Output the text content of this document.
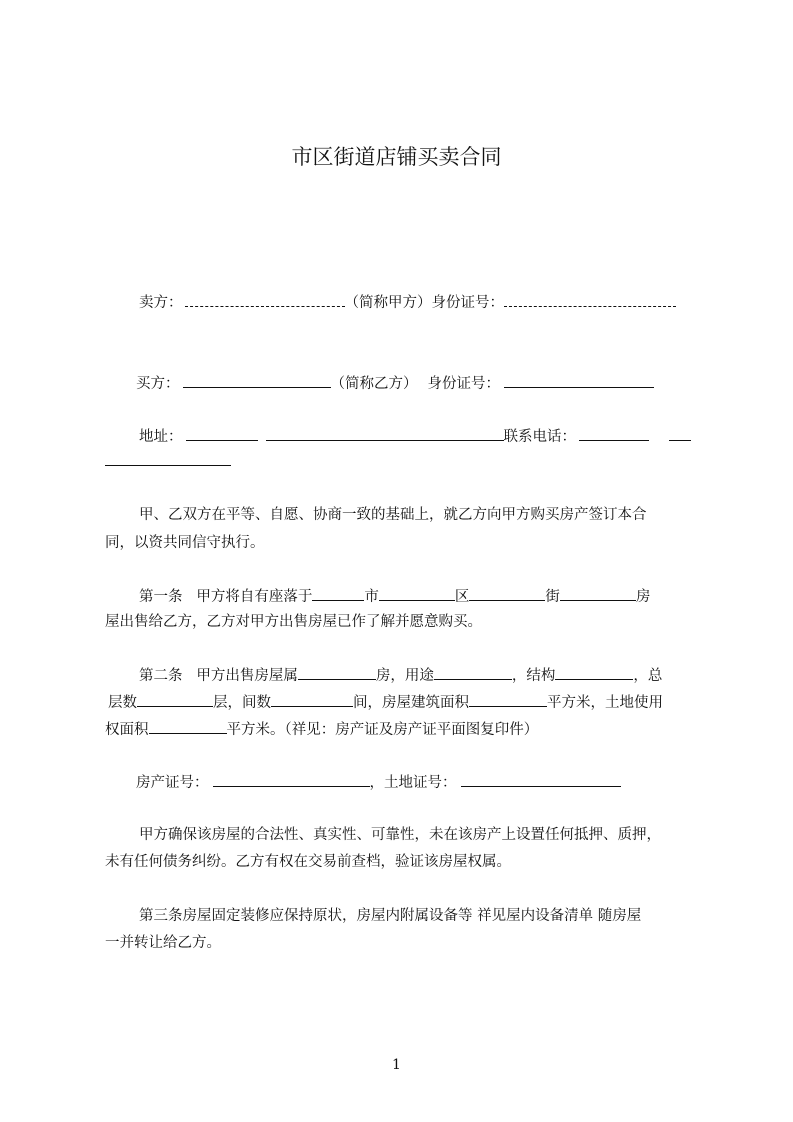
市区街道店铺买卖合同
卖方：	（简称甲方）身份证号：
买方：	（简称乙方） 身份证号：
地址：	联系电话：
甲、乙双方在平等、自愿、协商一致的基础上，就乙方向甲方购买房产签订本合
同，以资共同信守执行。
第一条   甲方将自有座落于	市	区	街	房
屋出售给乙方，乙方对甲方出售房屋已作了解并愿意购买。
第二条   甲方出售房屋属	房，用途	，结构	，总
层数	层，间数	间，房屋建筑面积	平方米，土地使用
权面积	平方米。（祥见：房产证及房产证平面图复印件）
房产证号：	，土地证号：
甲方确保该房屋的合法性、真实性、可靠性，未在该房产上设置任何抵押、质押，
未有任何债务纠纷。乙方有权在交易前查档，验证该房屋权属。
第三条房屋固定装修应保持原状，房屋内附属设备等 祥见屋内设备清单 随房屋
一并转让给乙方。
1
